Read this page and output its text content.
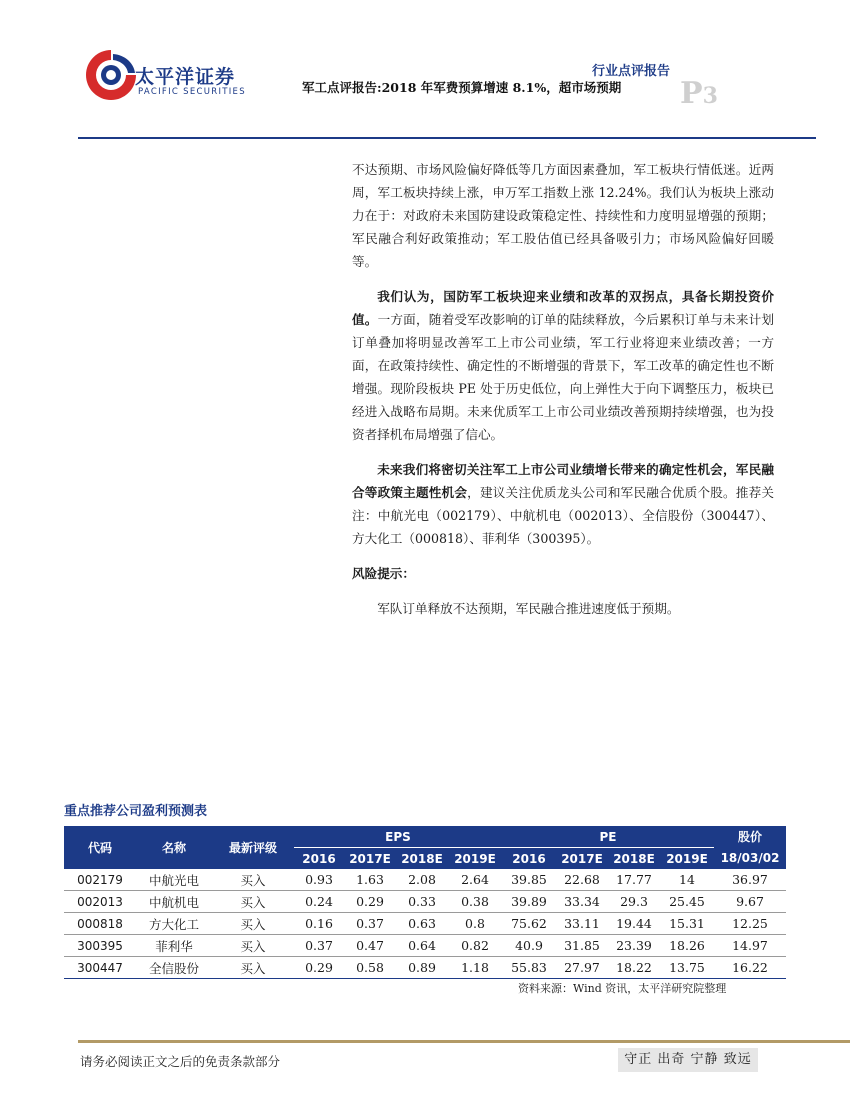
太平洋证券
PACIFIC SECURITIES
行业点评报告
军工点评报告:2018 年军费预算增速 8.1%，超市场预期 P3

不达预期、市场风险偏好降低等几方面因素叠加，军工板块行情低迷。近两周，军工板块持续上涨，申万军工指数上涨 12.24%。我们认为板块上涨动力在于：对政府未来国防建设政策稳定性、持续性和力度明显增强的预期；军民融合利好政策推动；军工股估值已经具备吸引力；市场风险偏好回暖等。

我们认为，国防军工板块迎来业绩和改革的双拐点，具备长期投资价值。一方面，随着受军改影响的订单的陆续释放，今后累积订单与未来计划订单叠加将明显改善军工上市公司业绩，军工行业将迎来业绩改善；一方面，在政策持续性、确定性的不断增强的背景下，军工改革的确定性也不断增强。现阶段板块 PE 处于历史低位，向上弹性大于向下调整压力，板块已经进入战略布局期。未来优质军工上市公司业绩改善预期持续增强，也为投资者择机布局增强了信心。

未来我们将密切关注军工上市公司业绩增长带来的确定性机会，军民融合等政策主题性机会，建议关注优质龙头公司和军民融合优质个股。推荐关注：中航光电（002179）、中航机电（002013）、全信股份（300447）、方大化工（000818）、菲利华（300395）。

风险提示：

军队订单释放不达预期，军民融合推进速度低于预期。

重点推荐公司盈利预测表
代码	名称	最新评级	EPS				PE				股价
			2016	2017E	2018E	2019E	2016	2017E	2018E	2019E	18/03/02
002179	中航光电	买入	0.93	1.63	2.08	2.64	39.85	22.68	17.77	14	36.97
002013	中航机电	买入	0.24	0.29	0.33	0.38	39.89	33.34	29.3	25.45	9.67
000818	方大化工	买入	0.16	0.37	0.63	0.8	75.62	33.11	19.44	15.31	12.25
300395	菲利华	买入	0.37	0.47	0.64	0.82	40.9	31.85	23.39	18.26	14.97
300447	全信股份	买入	0.29	0.58	0.89	1.18	55.83	27.97	18.22	13.75	16.22
资料来源：Wind 资讯，太平洋研究院整理
请务必阅读正文之后的免责条款部分	守正 出奇 宁静 致远
